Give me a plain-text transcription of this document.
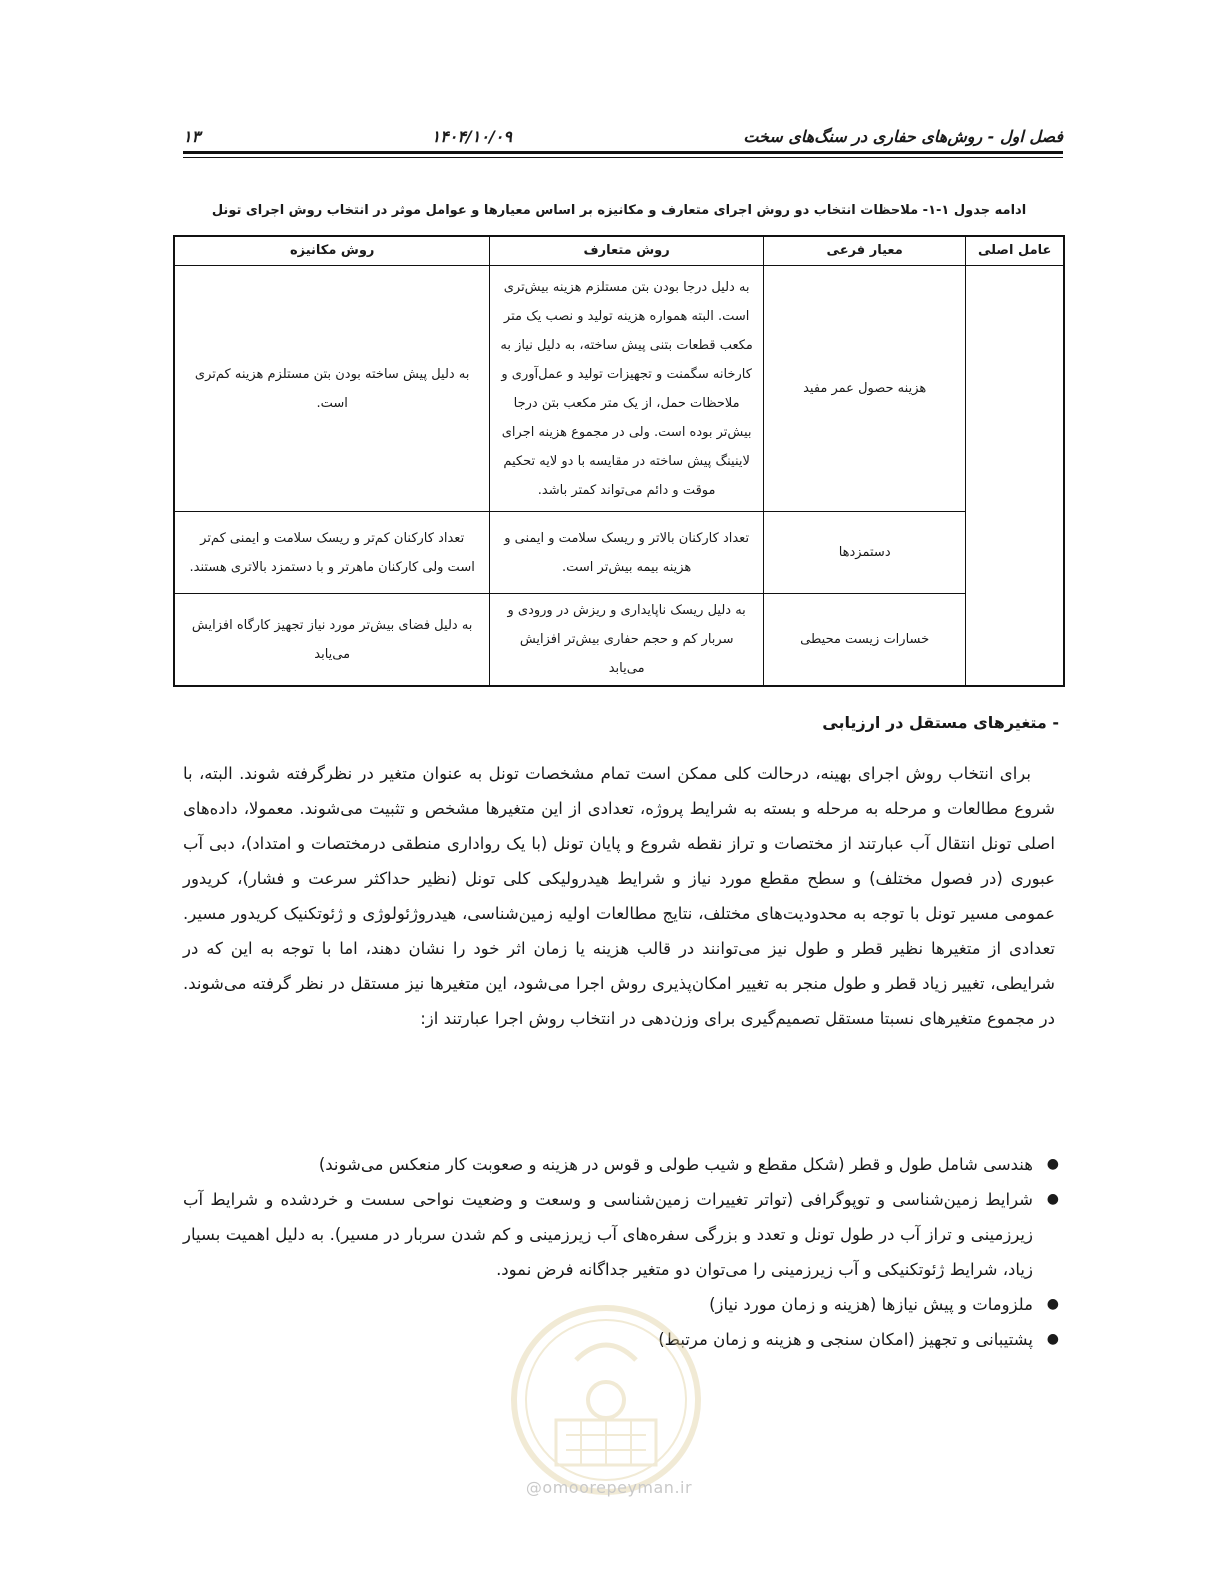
فصل اول - روش‌های حفاری در سنگ‌های سخت
۱۴۰۴/۱۰/۰۹
۱۳
ادامه جدول ۱-۱- ملاحظات انتخاب دو روش اجرای متعارف و مکانیزه بر اساس معیارها و عوامل موثر در انتخاب روش اجرای تونل
عامل اصلی	معیار فرعی	روش متعارف	روش مکانیزه
	هزینه حصول عمر مفید	به دلیل درجا بودن بتن مستلزم هزینه بیش‌تری است. البته همواره هزینه تولید و نصب یک متر مکعب قطعات بتنی پیش ساخته، به دلیل نیاز به کارخانه سگمنت و تجهیزات تولید و عمل‌آوری و ملاحظات حمل، از یک متر مکعب بتن درجا بیش‌تر بوده است. ولی در مجموع هزینه اجرای لاینینگ پیش ساخته در مقایسه با دو لایه تحکیم موقت و دائم می‌تواند کمتر باشد.	به دلیل پیش ساخته بودن بتن مستلزم هزینه کم‌تری است.
	دستمزدها	تعداد کارکنان بالاتر و ریسک سلامت و ایمنی و هزینه بیمه بیش‌تر است.	تعداد کارکنان کم‌تر و ریسک سلامت و ایمنی کم‌تر است ولی کارکنان ماهرتر و با دستمزد بالاتری هستند.
	خسارات زیست محیطی	به دلیل ریسک ناپایداری و ریزش در ورودی و سربار کم و حجم حفاری بیش‌تر افزایش می‌یابد	به دلیل فضای بیش‌تر مورد نیاز تجهیز کارگاه افزایش می‌یابد
- متغیرهای مستقل در ارزیابی

برای انتخاب روش اجرای بهینه، درحالت کلی ممکن است تمام مشخصات تونل به عنوان متغیر در نظرگرفته شوند. البته، با شروع مطالعات و مرحله به مرحله و بسته به شرایط پروژه، تعدادی از این متغیرها مشخص و تثبیت می‌شوند. معمولا، داده‌های اصلی تونل انتقال آب عبارتند از مختصات و تراز نقطه شروع و پایان تونل (با یک رواداری منطقی درمختصات و امتداد)، دبی آب عبوری (در فصول مختلف) و سطح مقطع مورد نیاز و شرایط هیدرولیکی کلی تونل (نظیر حداکثر سرعت و فشار)، کریدور عمومی مسیر تونل با توجه به محدودیت‌های مختلف، نتایج مطالعات اولیه زمین‌شناسی، هیدروژئولوژی و ژئوتکنیک کریدور مسیر. تعدادی از متغیرها نظیر قطر و طول نیز می‌توانند در قالب هزینه یا زمان اثر خود را نشان دهند، اما با توجه به این که در شرایطی، تغییر زیاد قطر و طول منجر به تغییر امکان‌پذیری روش اجرا می‌شود، این متغیرها نیز مستقل در نظر گرفته می‌شوند. در مجموع متغیرهای نسبتا مستقل تصمیم‌گیری برای وزن‌دهی در انتخاب روش اجرا عبارتند از:

●
هندسی شامل طول و قطر (شکل مقطع و شیب طولی و قوس در هزینه و صعوبت کار منعکس می‌شوند)
●
شرایط زمین‌شناسی و توپوگرافی (تواتر تغییرات زمین‌شناسی و وسعت و وضعیت نواحی سست و خردشده و شرایط آب زیرزمینی و تراز آب در طول تونل و تعدد و بزرگی سفره‌های آب زیرزمینی و کم شدن سربار در مسیر). به دلیل اهمیت بسیار زیاد، شرایط ژئوتکنیکی و آب زیرزمینی را می‌توان دو متغیر جداگانه فرض نمود.
●
ملزومات و پیش نیازها (هزینه و زمان مورد نیاز)
●
پشتیبانی و تجهیز (امکان سنجی و هزینه و زمان مرتبط)
@omoorepeyman.ir
